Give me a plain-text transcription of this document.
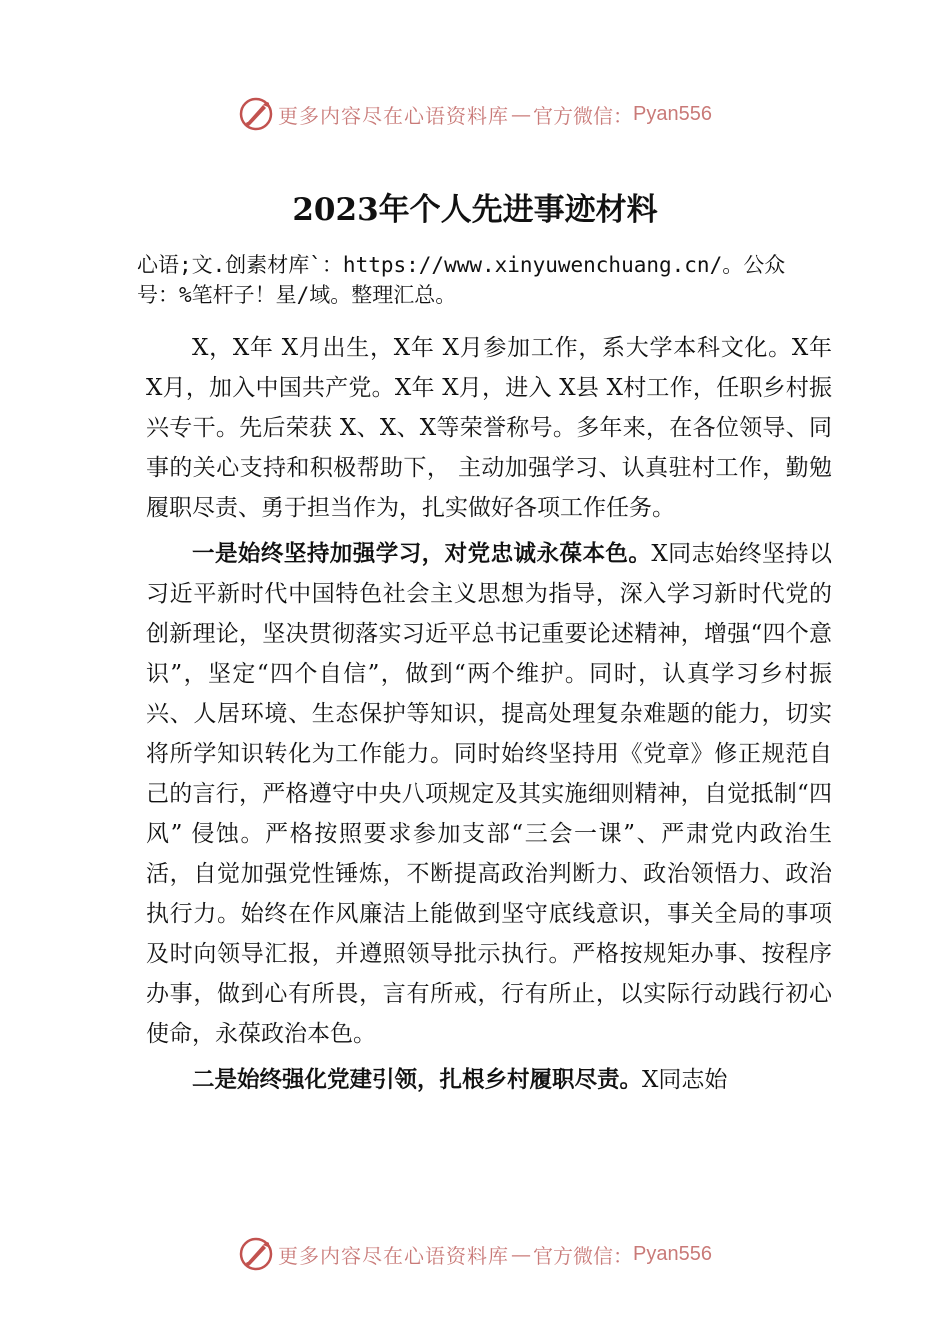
更多内容尽在心语资料库 — 官方微信： Pyan556
2023年个人先进事迹材料

心语;文.创素材库`：https://www.xinyuwenchuang.cn/。公众号：%笔杆子！星/域。整理汇总。

X，X年 X月出生，X年 X月参加工作，系大学本科文化。X年 X月，加入中国共产党。X年 X月，进入 X县 X村工作，任职乡村振兴专干。先后荣获 X、X、X等荣誉称号。多年来，在各位领导、同事的关心支持和积极帮助下， 主动加强学习、认真驻村工作，勤勉履职尽责、勇于担当作为，扎实做好各项工作任务。

一是始终坚持加强学习，对党忠诚永葆本色。X同志始终坚持以习近平新时代中国特色社会主义思想为指导，深入学习新时代党的创新理论，坚决贯彻落实习近平总书记重要论述精神，增强“四个意识”，坚定“四个自信”，做到“两个维护。同时，认真学习乡村振兴、人居环境、生态保护等知识，提高处理复杂难题的能力，切实将所学知识转化为工作能力。同时始终坚持用《党章》修正规范自己的言行，严格遵守中央八项规定及其实施细则精神，自觉抵制“四风” 侵蚀。严格按照要求参加支部“三会一课”、严肃党内政治生活，自觉加强党性锤炼，不断提高政治判断力、政治领悟力、政治执行力。始终在作风廉洁上能做到坚守底线意识，事关全局的事项及时向领导汇报，并遵照领导批示执行。严格按规矩办事、按程序办事，做到心有所畏，言有所戒，行有所止，以实际行动践行初心使命，永葆政治本色。

二是始终强化党建引领，扎根乡村履职尽责。X同志始

更多内容尽在心语资料库 — 官方微信： Pyan556
